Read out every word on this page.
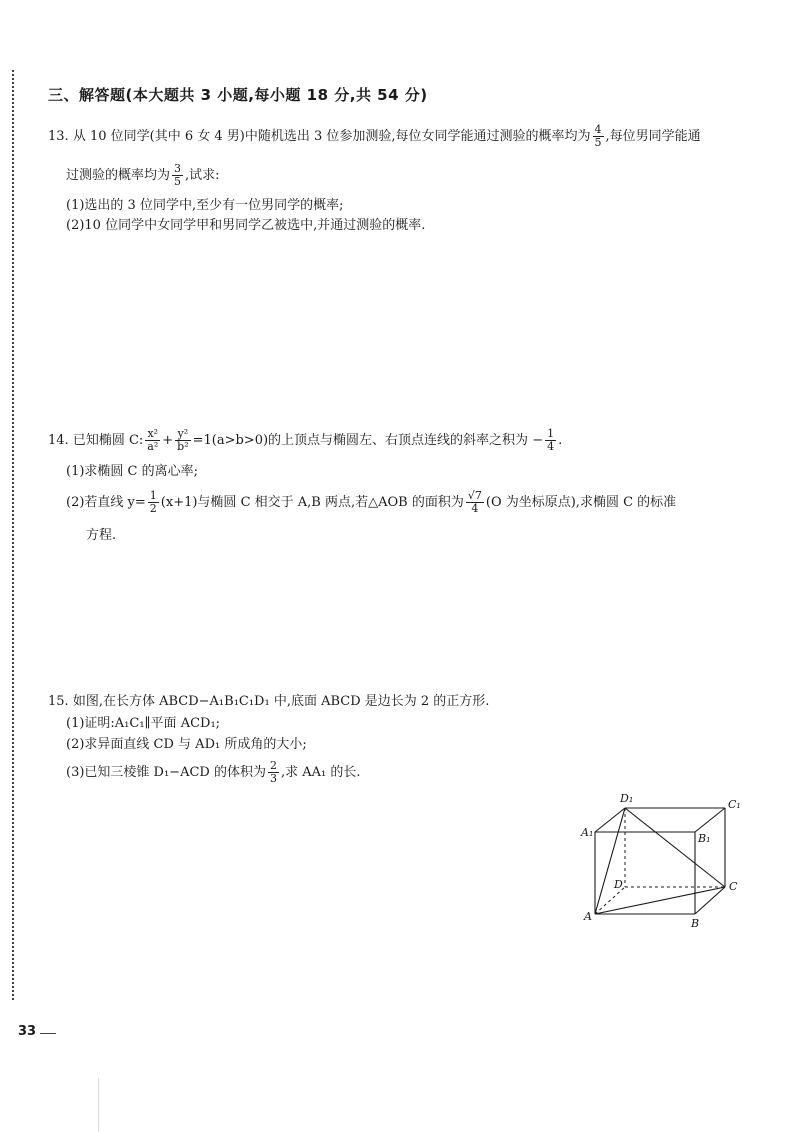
三、解答题(本大题共 3 小题,每小题 18 分,共 54 分)
13. 从 10 位同学(其中 6 女 4 男)中随机选出 3 位参加测验,每位女同学能通过测验的概率均为 $\frac{4}{5}$ ,每位男同学能通
过测验的概率均为 $\frac{3}{5}$ ,试求:
(1)选出的 3 位同学中,至少有一位男同学的概率;
(2)10 位同学中女同学甲和男同学乙被选中,并通过测验的概率.
14. 已知椭圆 C: $\frac{\text{x²}}{\text{a²}} + \frac{\text{y²}}{\text{b²}} =1(a>b>0)$的上顶点与椭圆左、右顶点连线的斜率之积为 − $\frac{1}{4}$ .
(1)求椭圆 C 的离心率;
(2)若直线 $y= \frac{1}{2} (x+1)$与椭圆 C 相交于 A,B 两点,若△AOB 的面积为 $\frac{√7}{4} (O$ 为坐标原点),求椭圆 C 的标准
方程.
15. 如图,在长方体 ABCD−A₁B₁C₁D₁ 中,底面 ABCD 是边长为 2 的正方形.
(1)证明:A₁C₁∥平面 ACD₁;
(2)求异面直线 CD 与 AD₁ 所成角的大小;
(3)已知三棱锥 D₁−ACD 的体积为 $\frac{2}{3}$ ,求 AA₁ 的长.
D₁	C₁
A₁	B₁
D	C
A
B
33
